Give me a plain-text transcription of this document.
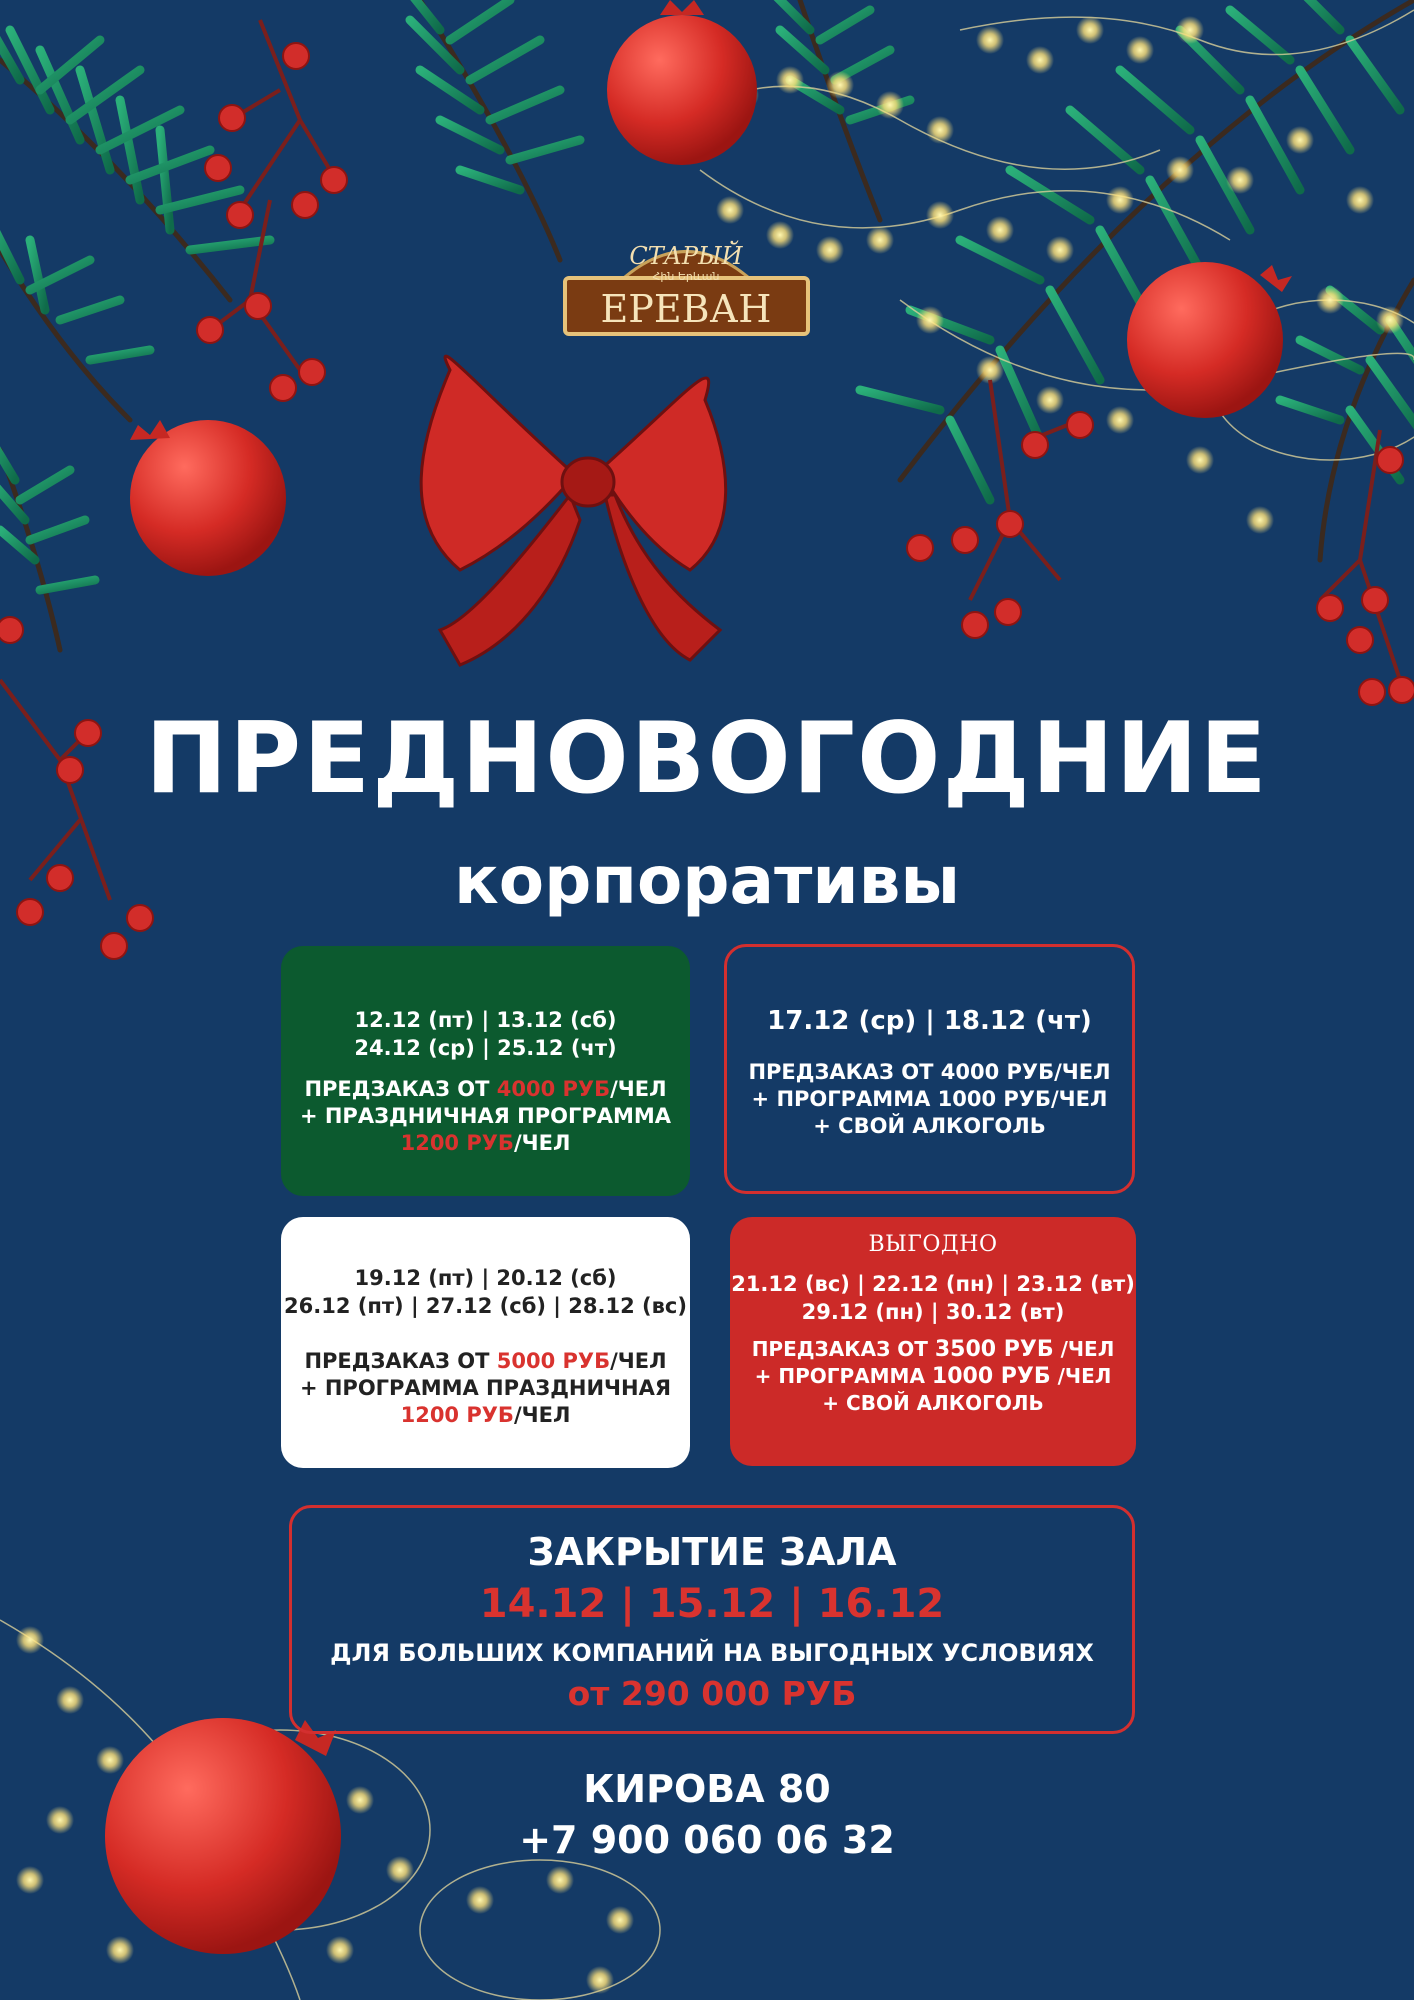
СТАРЫЙ
Հին Երևան
ЕРЕВАН
ПРЕДНОВОГОДНИЕ
корпоративы
12.12 (пт) | 13.12 (сб)
24.12 (ср) | 25.12 (чт)
ПРЕДЗАКАЗ ОТ 4000 РУБ/ЧЕЛ
+ ПРАЗДНИЧНАЯ ПРОГРАММА
1200 РУБ/ЧЕЛ
17.12 (ср) | 18.12 (чт)
ПРЕДЗАКАЗ ОТ 4000 РУБ/ЧЕЛ
+ ПРОГРАММА 1000 РУБ/ЧЕЛ
+ СВОЙ АЛКОГОЛЬ
19.12 (пт) | 20.12 (сб)
26.12 (пт) | 27.12 (сб) | 28.12 (вс)
ПРЕДЗАКАЗ ОТ 5000 РУБ/ЧЕЛ
+ ПРОГРАММА ПРАЗДНИЧНАЯ
1200 РУБ/ЧЕЛ
ВЫГОДНО
21.12 (вс) | 22.12 (пн) | 23.12 (вт)
29.12 (пн) | 30.12 (вт)
ПРЕДЗАКАЗ ОТ 3500 РУБ /ЧЕЛ
+ ПРОГРАММА 1000 РУБ /ЧЕЛ
+ СВОЙ АЛКОГОЛЬ
ЗАКРЫТИЕ ЗАЛА
14.12 | 15.12 | 16.12
ДЛЯ БОЛЬШИХ КОМПАНИЙ НА ВЫГОДНЫХ УСЛОВИЯХ
от 290 000 РУБ
КИРОВА 80
+7 900 060 06 32
